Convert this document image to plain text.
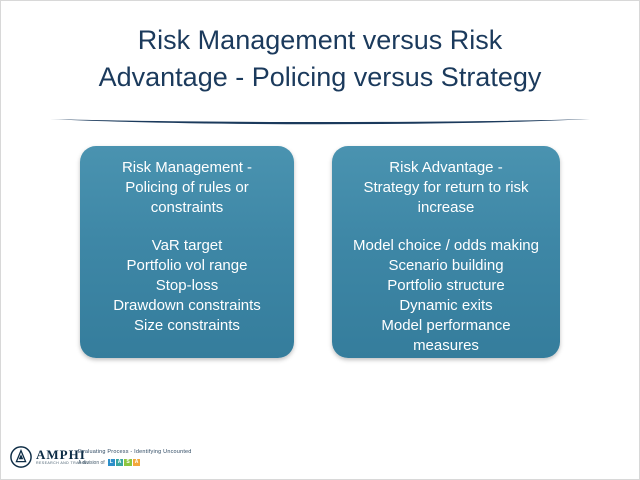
Risk Management versus Risk
Advantage - Policing versus Strategy
Risk Management -
Policing of rules or
constraints
VaR target
Portfolio vol range
Stop-loss
Drawdown constraints
Size constraints
Risk Advantage -
Strategy for return to risk
increase
Model choice / odds making
Scenario building
Portfolio structure
Dynamic exits
Model performance
measures
AMPHI
RESEARCH AND TRADING
Evaluating Process - Identifying Uncounted
A division of	L	A	S	A
